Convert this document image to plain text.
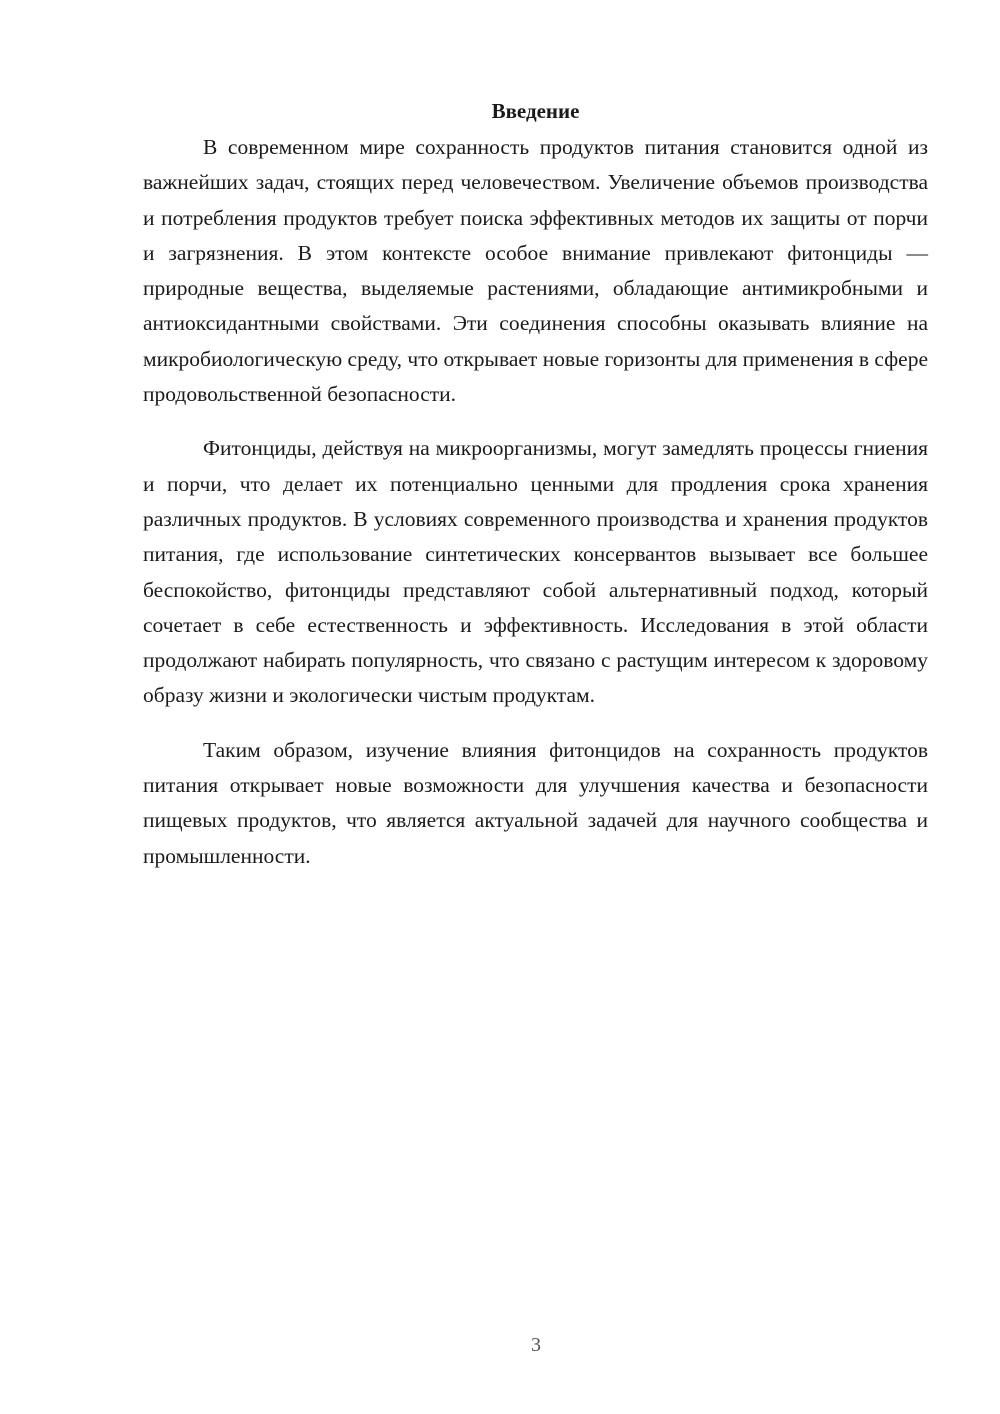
Введение

В современном мире сохранность продуктов питания становится одной из важнейших задач, стоящих перед человечеством. Увеличение объемов производства и потребления продуктов требует поиска эффективных методов их защиты от порчи и загрязнения. В этом контексте особое внимание привлекают фитонциды — природные вещества, выделяемые растениями, обладающие антимикробными и антиоксидантными свойствами. Эти соединения способны оказывать влияние на микробиологическую среду, что открывает новые горизонты для применения в сфере продовольственной безопасности.

Фитонциды, действуя на микроорганизмы, могут замедлять процессы гниения и порчи, что делает их потенциально ценными для продления срока хранения различных продуктов. В условиях современного производства и хранения продуктов питания, где использование синтетических консервантов вызывает все большее беспокойство, фитонциды представляют собой альтернативный подход, который сочетает в себе естественность и эффективность. Исследования в этой области продолжают набирать популярность, что связано с растущим интересом к здоровому образу жизни и экологически чистым продуктам.

Таким образом, изучение влияния фитонцидов на сохранность продуктов питания открывает новые возможности для улучшения качества и безопасности пищевых продуктов, что является актуальной задачей для научного сообщества и промышленности.

3
